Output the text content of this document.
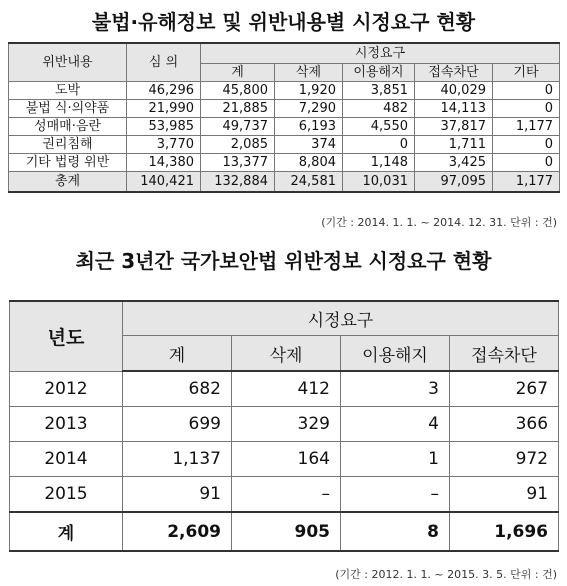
불법·유해정보 및 위반내용별 시정요구 현황
위반내용	심 의	시정요구				
		계	삭제	이용해지	접속차단	기타
도박	46,296	45,800	1,920	3,851	40,029	0
불법 식·의약품	21,990	21,885	7,290	482	14,113	0
성매매·음란	53,985	49,737	6,193	4,550	37,817	1,177
권리침해	3,770	2,085	374	0	1,711	0
기타 법령 위반	14,380	13,377	8,804	1,148	3,425	0
총계	140,421	132,884	24,581	10,031	97,095	1,177
(기간 : 2014. 1. 1. ~ 2014. 12. 31. 단위 : 건)
최근 3년간 국가보안법 위반정보 시정요구 현황
년도	시정요구			
	계	삭제	이용해지	접속차단
2012	682	412	3	267
2013	699	329	4	366
2014	1,137	164	1	972
2015	91	–	–	91
계	2,609	905	8	1,696
(기간 : 2012. 1. 1. ~ 2015. 3. 5. 단위 : 건)
